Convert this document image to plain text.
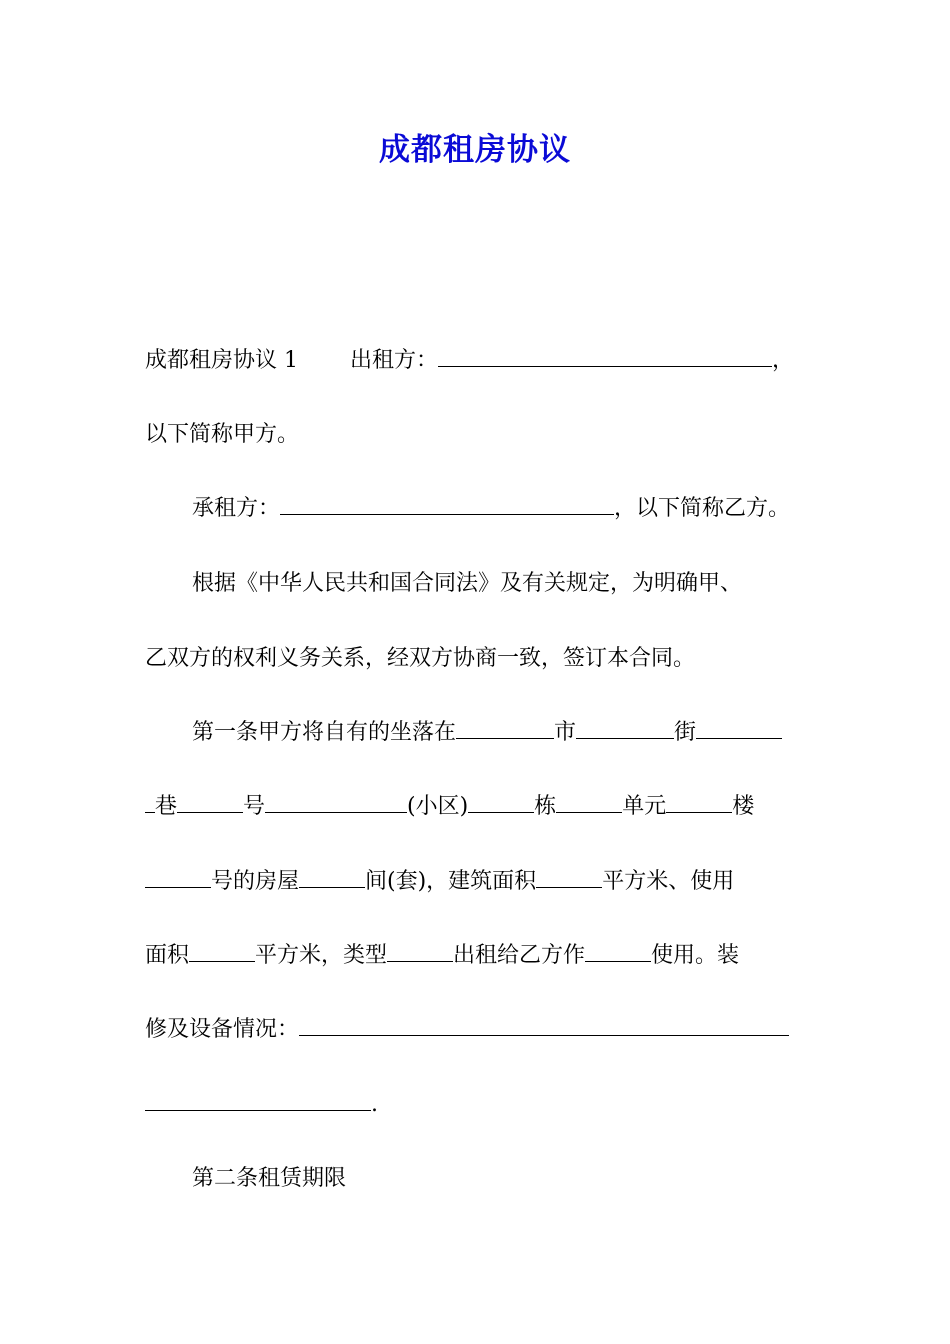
成都租房协议
成都租房协议 1 出租方：	，
以下简称甲方。
承租方：	，以下简称乙方。
根据《中华人民共和国合同法》及有关规定，为明确甲、
乙双方的权利义务关系，经双方协商一致，签订本合同。
第一条甲方将自有的坐落在	市	街
巷	号	(小区)	栋	单元	楼
号的房屋	间(套)，建筑面积	平方米、使用
面积	平方米，类型	出租给乙方作	使用。装
修及设备情况：
.
第二条租赁期限
